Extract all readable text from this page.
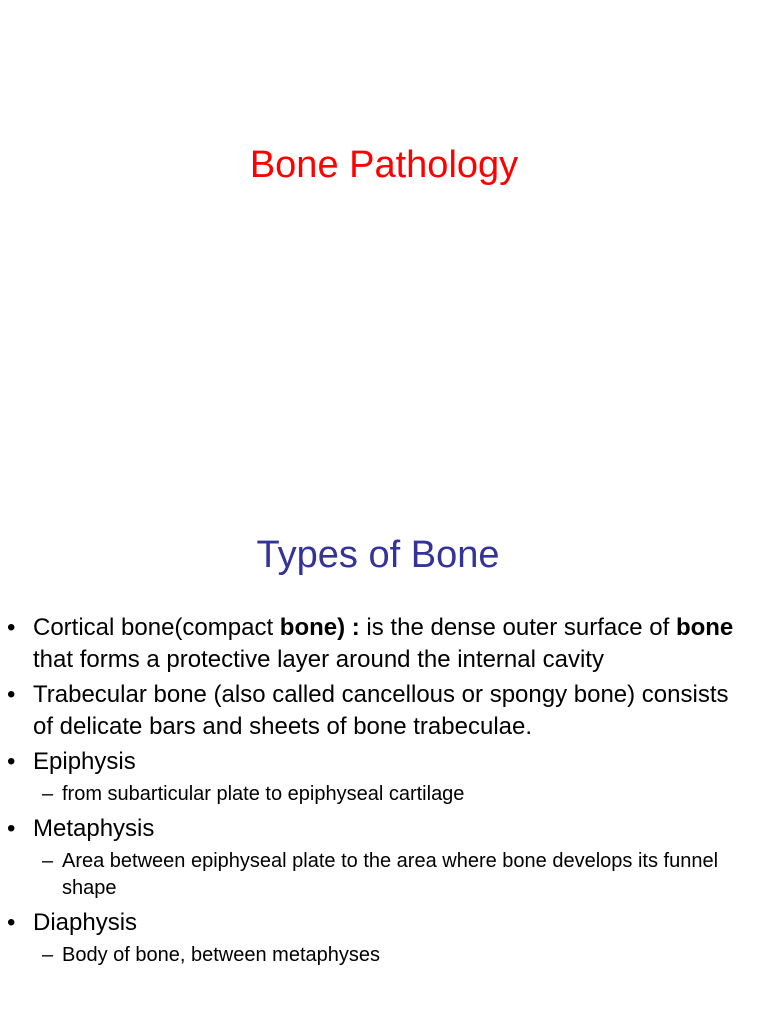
Bone Pathology
Types of Bone
• Cortical bone(compact bone) : is the dense outer surface of bone that forms a protective layer around the internal cavity
• Trabecular bone (also called cancellous or spongy bone) consists of delicate bars and sheets of bone trabeculae.
• Epiphysis
– from subarticular plate to epiphyseal cartilage
• Metaphysis
– Area between epiphyseal plate to the area where bone develops its funnel shape
• Diaphysis
– Body of bone, between metaphyses
